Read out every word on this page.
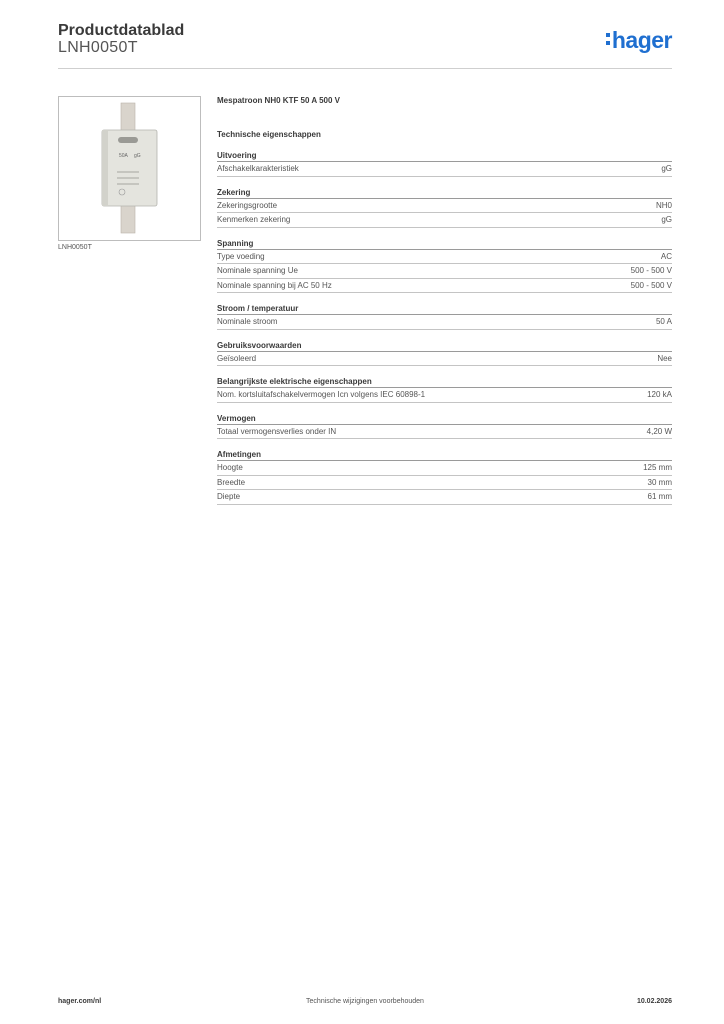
Productdatablad
LNH0050T	hager
50A gG
LNH0050T
Mespatroon NH0 KTF 50 A 500 V
Technische eigenschappen
Uitvoering
Afschakelkarakteristiek	gG
Zekering
Zekeringsgrootte	NH0
Kenmerken zekering	gG
Spanning
Type voeding	AC
Nominale spanning Ue	500 - 500 V
Nominale spanning bij AC 50 Hz	500 - 500 V
Stroom / temperatuur
Nominale stroom	50 A
Gebruiksvoorwaarden
Geïsoleerd	Nee
Belangrijkste elektrische eigenschappen
Nom. kortsluitafschakelvermogen Icn volgens IEC 60898-1	120 kA
Vermogen
Totaal vermogensverlies onder IN	4,20 W
Afmetingen
Hoogte	125 mm
Breedte	30 mm
Diepte	61 mm
hager.com/nl	Technische wijzigingen voorbehouden	10.02.2026
